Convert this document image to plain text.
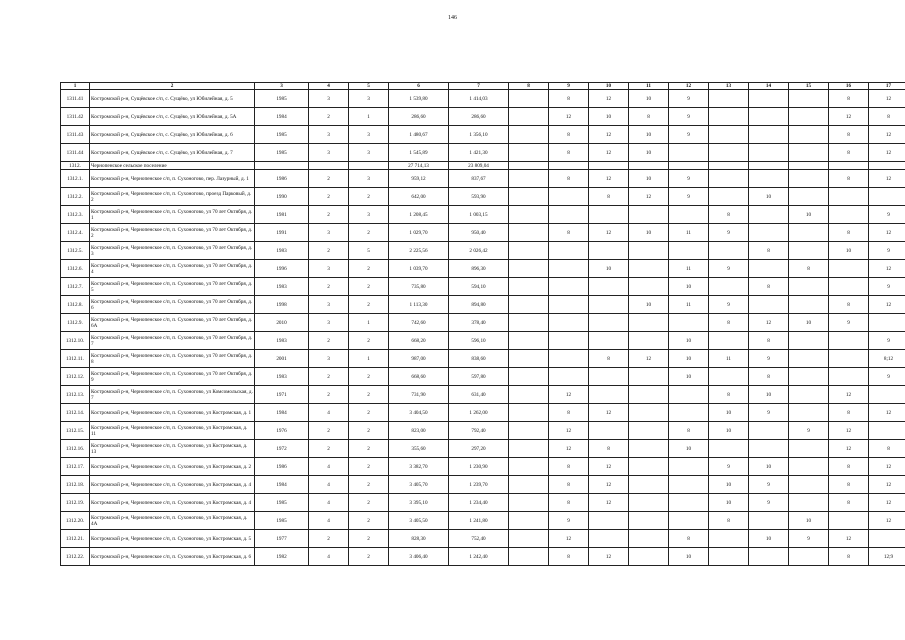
146
1	2	3	4	5	6	7	8	9	10	11	12	13	14	15	16	17
1311.41	Костромской р-н, Сущёвское с/п, с. Сущёво, ул Юбилейная, д. 5	1985	3	3	1 539,80	1 414,03		8	12	10	9				8	12
1311.42	Костромской р-н, Сущёвское с/п, с. Сущёво, ул Юбилейная, д. 5А	1984	2	1	286,60	286,60		12	10	8	9				12	8
1311.43	Костромской р-н, Сущёвское с/п, с. Сущёво, ул Юбилейная, д. 6	1985	3	3	1 480,67	1 356,10		8	12	10	9				8	12
1311.44	Костромской р-н, Сущёвское с/п, с. Сущёво, ул Юбилейная, д. 7	1985	3	3	1 545,89	1 421,30		8	12	10					8	12
1312.	Чернопенское сельское поселение				27 714,13	23 809,04										
1312.1.	Костромской р-н, Чернопенское с/п, п. Сухоногово, пер. Лазурный, д. 1	1986	2	3	959,12	837,67		8	12	10	9				8	12
1312.2.	Костромской р-н, Чернопенское с/п, п. Сухоногово, проезд Парковый, д. 2	1990	2	2	642,00	593,90			8	12	9		10			
1312.3.	Костромской р-н, Чернопенское с/п, п. Сухоногово, ул 70 лет Октября, д. 1	1981	2	3	1 208,45	1 003,15						8		10		9
1312.4.	Костромской р-н, Чернопенское с/п, п. Сухоногово, ул 70 лет Октября, д. 2	1991	3	2	1 029,70	950,40		8	12	10	11	9			8	12
1312.5.	Костромской р-н, Чернопенское с/п, п. Сухоногово, ул 70 лет Октября, д. 3	1983	2	5	2 225,56	2 026,42							8		10	9
1312.6.	Костромской р-н, Чернопенское с/п, п. Сухоногово, ул 70 лет Октября, д. 4	1996	3	2	1 039,70	896,30			10		11	9		8		12
1312.7.	Костромской р-н, Чернопенское с/п, п. Сухоногово, ул 70 лет Октября, д. 5	1983	2	2	735,80	594,10					10		8			9
1312.8.	Костромской р-н, Чернопенское с/п, п. Сухоногово, ул 70 лет Октября, д. 6	1998	3	2	1 113,30	894,80				10	11	9			8	12
1312.9.	Костромской р-н, Чернопенское с/п, п. Сухоногово, ул 70 лет Октября, д. 6А	2010	3	1	742,60	378,40						8	12	10	9	
1312.10.	Костромской р-н, Чернопенское с/п, п. Сухоногово, ул 70 лет Октября, д. 7	1983	2	2	668,20	596,10					10		8			9
1312.11.	Костромской р-н, Чернопенское с/п, п. Сухоногово, ул 70 лет Октября, д. 8	2001	3	1	987,00	838,60			8	12	10	11	9			8;12
1312.12.	Костромской р-н, Чернопенское с/п, п. Сухоногово, ул 70 лет Октября, д. 9	1983	2	2	668,60	597,80					10		8			9
1312.13.	Костромской р-н, Чернопенское с/п, п. Сухоногово, ул Комсомольская, д. 7	1971	2	2	731,90	631,40		12				8	10		12	
1312.14.	Костромской р-н, Чернопенское с/п, п. Сухоногово, ул Костромская, д. 1	1984	4	2	3 404,50	1 262,00		8	12			10	9		8	12
1312.15.	Костромской р-н, Чернопенское с/п, п. Сухоногово, ул Костромская, д. 11	1976	2	2	823,00	792,40		12			8	10		9	12	
1312.16.	Костромской р-н, Чернопенское с/п, п. Сухоногово, ул Костромская, д. 13	1972	2	2	355,60	297,20		12	8		10				12	8
1312.17.	Костромской р-н, Чернопенское с/п, п. Сухоногово, ул Костромская, д. 2	1986	4	2	3 382,70	1 230,90		8	12			9	10		8	12
1312.18.	Костромской р-н, Чернопенское с/п, п. Сухоногово, ул Костромская, д. 4	1984	4	2	3 405,70	1 239,70		8	12			10	9		8	12
1312.19.	Костромской р-н, Чернопенское с/п, п. Сухоногово, ул Костромская, д. 4	1985	4	2	3 395,10	1 234,40		8	12			10	9		8	12
1312.20.	Костромской р-н, Чернопенское с/п, п. Сухоногово, ул Костромская, д. 4А	1985	4	2	3 405,50	1 241,80		9				8		10		12
1312.21.	Костромской р-н, Чернопенское с/п, п. Сухоногово, ул Костромская, д. 5	1977	2	2	828,30	752,40		12			8		10	9	12	
1312.22.	Костромской р-н, Чернопенское с/п, п. Сухоногово, ул Костромская, д. 6	1982	4	2	3 406,40	1 242,40		8	12		10				8	12;9
